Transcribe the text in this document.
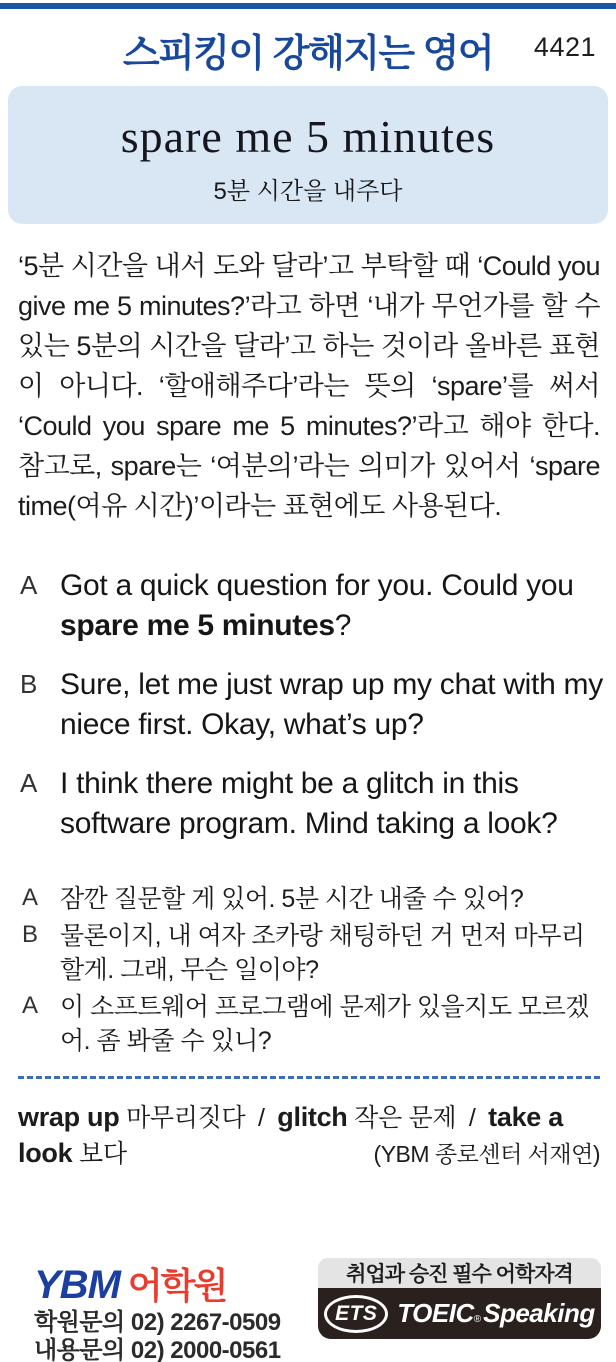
스피킹이 강해지는 영어	4421

spare me 5 minutes

5분 시간을 내주다

‘5분 시간을 내서 도와 달라’고 부탁할 때 ‘Could you give me 5 minutes?’라고 하면 ‘내가 무언가를 할 수 있는 5분의 시간을 달라’고 하는 것이라 올바른 표현이 아니다. ‘할애해주다’라는 뜻의 ‘spare’를 써서 ‘Could you spare me 5 minutes?’라고 해야 한다. 참고로, spare는 ‘여분의’라는 의미가 있어서 ‘spare time(여유 시간)’이라는 표현에도 사용된다.

A Got a quick question for you. Could you spare me 5 minutes?

B Sure, let me just wrap up my chat with my niece first. Okay, what’s up?

A I think there might be a glitch in this software program. Mind taking a look?

A 잠깐 질문할 게 있어. 5분 시간 내줄 수 있어?

B 물론이지, 내 여자 조카랑 채팅하던 거 먼저 마무리할게. 그래, 무슨 일이야?

A 이 소프트웨어 프로그램에 문제가 있을지도 모르겠어. 좀 봐줄 수 있니?

wrap up 마무리짓다 / glitch 작은 문제 / take a look 보다	(YBM 종로센터 서재연)
YBM 어학원
학원문의 02) 2267-0509
내용문의 02) 2000-0561
취업과 승진 필수 어학자격
ETS TOEIC®Speaking
